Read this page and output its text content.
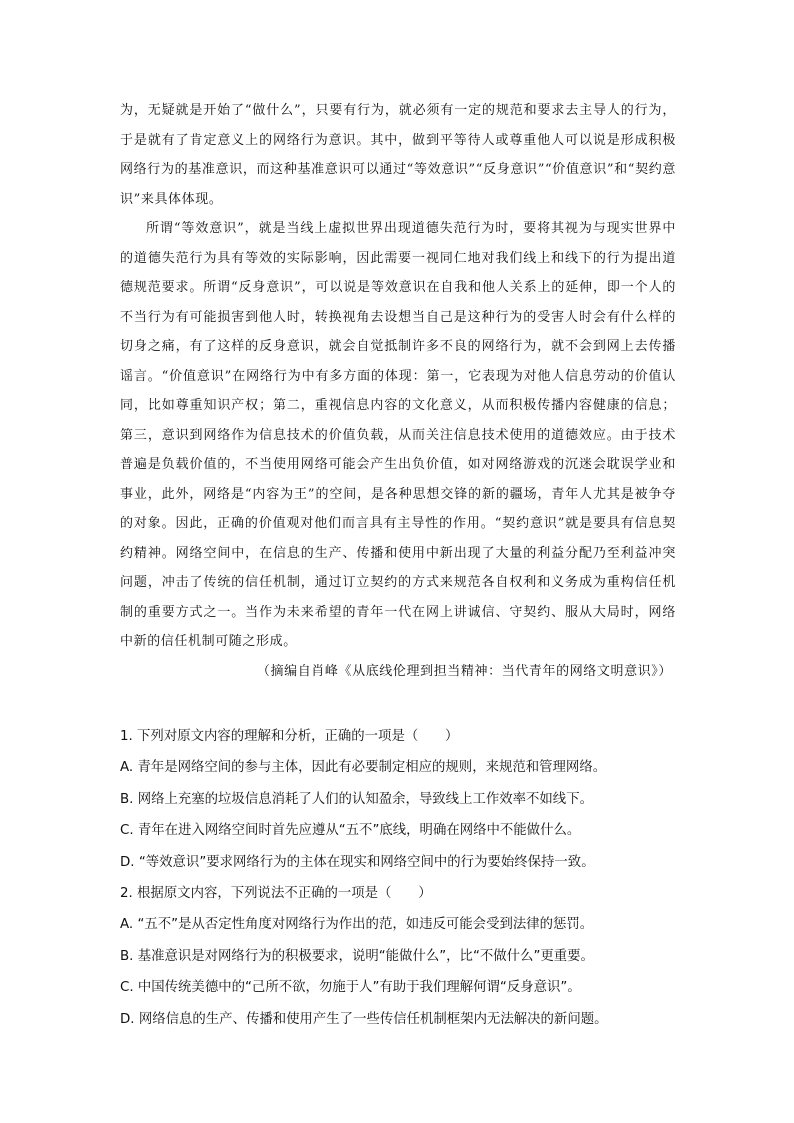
为，无疑就是开始了“做什么”，只要有行为，就必须有一定的规范和要求去主导人的行为，于是就有了肯定意义上的网络行为意识。其中，做到平等待人或尊重他人可以说是形成积极网络行为的基准意识，而这种基准意识可以通过“等效意识”“反身意识”“价值意识”和“契约意识”来具体体现。

所谓“等效意识”，就是当线上虚拟世界出现道德失范行为时，要将其视为与现实世界中的道德失范行为具有等效的实际影响，因此需要一视同仁地对我们线上和线下的行为提出道德规范要求。所谓“反身意识”，可以说是等效意识在自我和他人关系上的延伸，即一个人的不当行为有可能损害到他人时，转换视角去设想当自己是这种行为的受害人时会有什么样的切身之痛，有了这样的反身意识，就会自觉抵制许多不良的网络行为，就不会到网上去传播谣言。“价值意识”在网络行为中有多方面的体现：第一，它表现为对他人信息劳动的价值认同，比如尊重知识产权；第二，重视信息内容的文化意义，从而积极传播内容健康的信息；第三，意识到网络作为信息技术的价值负载，从而关注信息技术使用的道德效应。由于技术普遍是负载价值的，不当使用网络可能会产生出负价值，如对网络游戏的沉迷会耽误学业和事业，此外，网络是“内容为王”的空间，是各种思想交锋的新的疆场，青年人尤其是被争夺的对象。因此，正确的价值观对他们而言具有主导性的作用。“契约意识”就是要具有信息契约精神。网络空间中，在信息的生产、传播和使用中新出现了大量的利益分配乃至利益冲突问题，冲击了传统的信任机制，通过订立契约的方式来规范各自权利和义务成为重构信任机制的重要方式之一。当作为未来希望的青年一代在网上讲诚信、守契约、服从大局时，网络中新的信任机制可随之形成。

（摘编自肖峰《从底线伦理到担当精神：当代青年的网络文明意识》）

1. 下列对原文内容的理解和分析，正确的一项是（　　）
A. 青年是网络空间的参与主体，因此有必要制定相应的规则，来规范和管理网络。
B. 网络上充塞的垃圾信息消耗了人们的认知盈余，导致线上工作效率不如线下。
C. 青年在进入网络空间时首先应遵从“五不”底线，明确在网络中不能做什么。
D. “等效意识”要求网络行为的主体在现实和网络空间中的行为要始终保持一致。
2. 根据原文内容，下列说法不正确的一项是（　　）
A. “五不”是从否定性角度对网络行为作出的范，如违反可能会受到法律的惩罚。
B. 基准意识是对网络行为的积极要求，说明“能做什么”，比“不做什么”更重要。
C. 中国传统美德中的“己所不欲，勿施于人”有助于我们理解何谓“反身意识”。
D. 网络信息的生产、传播和使用产生了一些传信任机制框架内无法解决的新问题。
